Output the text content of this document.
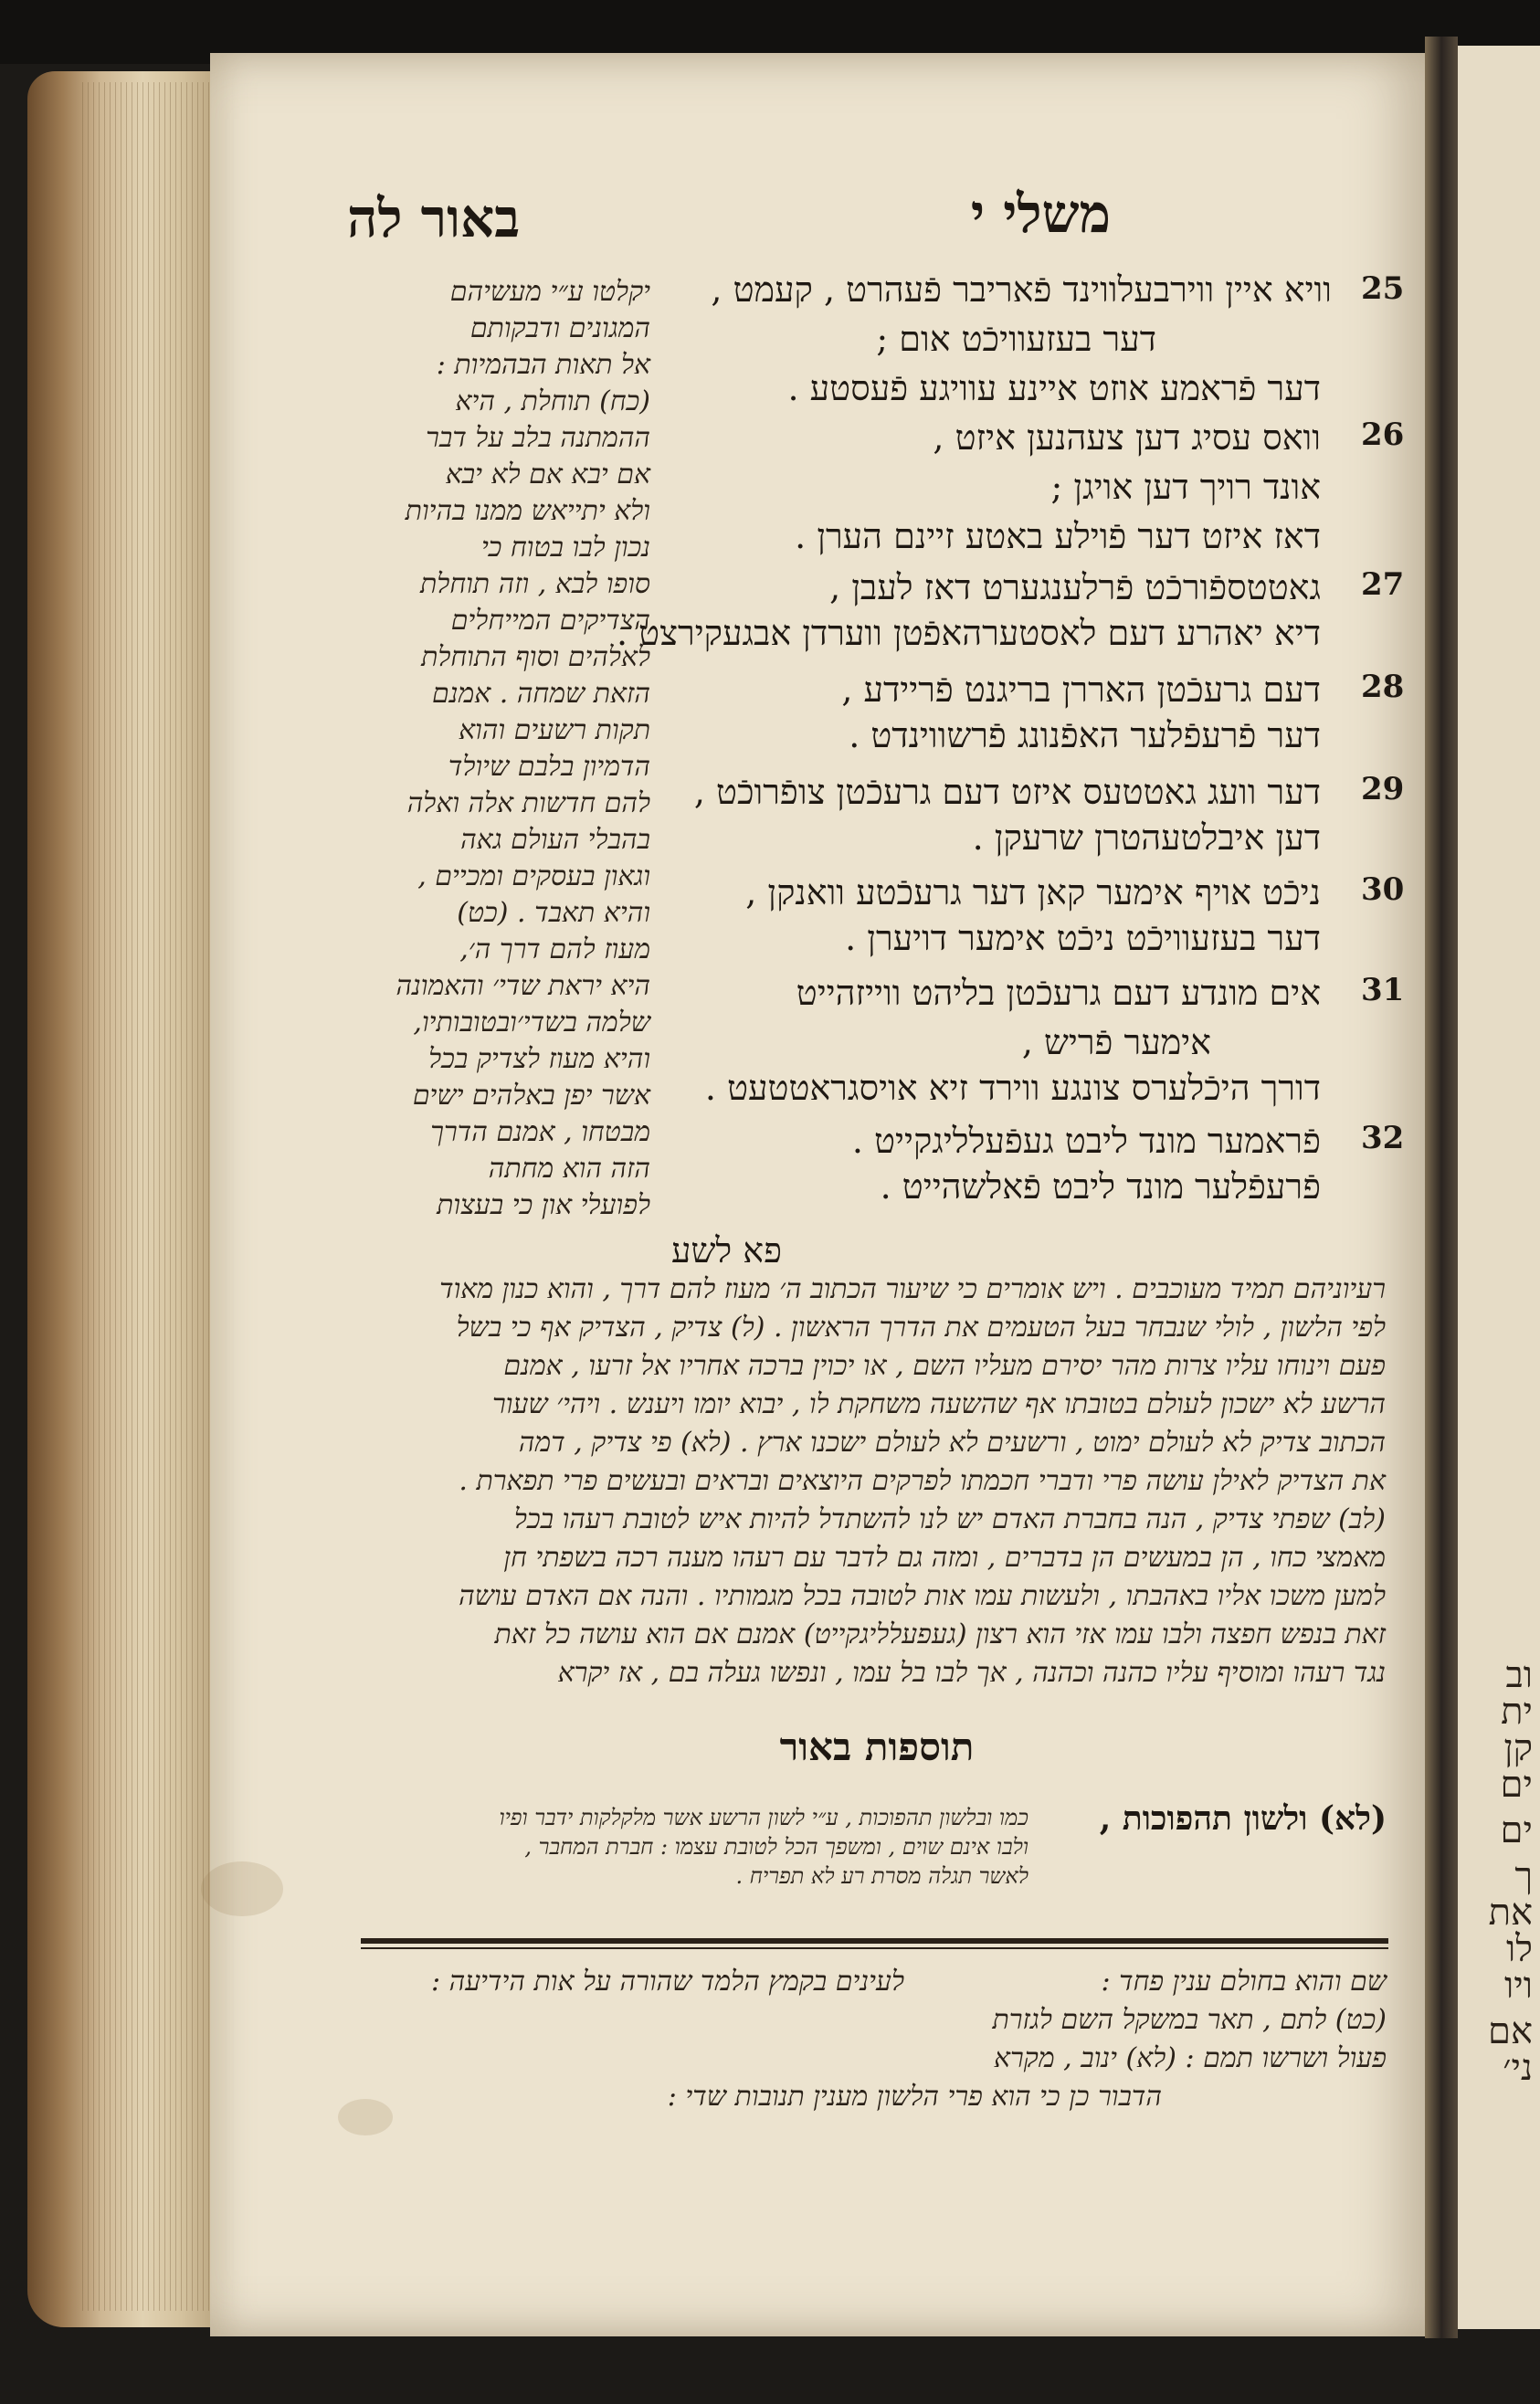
וב
ית
קן
ים
ים
ך
את
לו
ויו
אם
ני׳
באור לה	משלי י
25
26
27
28
29
30
31
32
וויא איין ווירבעלווינד פֿאריבר פֿעהרט , קעמט ,
דער בעזעוויכֿט אום ;
דער פֿראמע אוזט איינע עוויגע פֿעסטע .
וואס עסיג דען צעהנען איזט ,
אונד רויך דען אויגן ;
דאז איזט דער פֿוילע באטע זיינם הערן .
גאטטספֿורכֿט פֿרלענגערט דאז לעבן ,
דיא יאהרע דעם לאסטערהאפֿטן ווערדן אבגעקירצט .
דעם גרעכֿטן האררן בריגנט פֿריידע ,
דער פֿרעפֿלער האפֿנונג פֿרשווינדט .
דער וועג גאטטעס איזט דעם גרעכֿטן צופֿרוכֿט ,
דען איבלטעהטרן שרעקן .
ניכֿט אויף אימער קאן דער גרעכֿטע וואנקן ,
דער בעזעוויכֿט ניכֿט אימער דויערן .
אים מונדע דעם גרעכֿטן בליהט ווייזהייט
אימער פֿריש ,
דורך היכֿלערס צונגע ווירד זיא אויסגראטטעט .
פֿראמער מונד ליבט געפֿעלליגקייט .
פֿרעפֿלער מונד ליבט פֿאלשהייט .
יקלטו ע״י מעשיהם
המגונים ודבקותם
אל תאות הבהמיות :
(כח) תוחלת , היא
ההמתנה בלב על דבר
אם יבא אם לא יבא
ולא יתייאש ממנו בהיות
נכון לבו בטוח כי
סופו לבא , וזה תוחלת
הצדיקים המייחלים
לאלהים וסוף התוחלת
הזאת שמחה . אמנם
תקות רשעים והוא
הדמיון בלבם שיולד
להם חדשות אלה ואלה
בהבלי העולם גאה
וגאון בעסקים ומכיים ,
והיא תאבד . (כט)
מעוז להם דרך ה׳,
היא יראת שדי׳ והאמונה
שלמה בשדי׳ובטובותיו,
והיא מעוז לצדיק בכל
אשר יפן באלהים ישים
מבטחו , אמנם הדרך
הזה הוא מחתה
לפועלי און כי בעצות
פא לשע
רעיוניהם תמיד מעוכבים . ויש אומרים כי שיעור הכתוב ה׳ מעוז להם דרך , והוא כנון מאוד
לפי הלשון , לולי שנבחר בעל הטעמים את הדרך הראשון . (ל) צדיק , הצדיק אף כי בשל
פעם וינוחו עליו צרות מהר יסירם מעליו השם , או יכוין ברכה אחריו אל זרעו , אמנם
הרשע לא ישכון לעולם בטובתו אף שהשעה משחקת לו , יבוא יומו ויענש . ויהי׳ שעור
הכתוב צדיק לא לעולם ימוט , ורשעים לא לעולם ישכנו ארץ . (לא) פי צדיק , דמה
את הצדיק לאילן עושה פרי ודברי חכמתו לפרקים היוצאים ובראים ובעשים פרי תפארת .
(לב) שפתי צדיק , הנה בחברת האדם יש לנו להשתדל להיות איש לטובת רעהו בכל
מאמצי כחו , הן במעשים הן בדברים , ומזה גם לדבר עם רעהו מענה רכה בשפתי חן
למען משכו אליו באהבתו , ולעשות עמו אות לטובה בכל מגמותיו . והנה אם האדם עושה
זאת בנפש חפצה ולבו עמו אזי הוא רצון (געפעלליגקייט) אמנם אם הוא עושה כל זאת
נגד רעהו ומוסיף עליו כהנה וכהנה , אך לבו בל עמו , ונפשו געלה בם , אז יקרא
תוספות באור
(לא) ולשון תהפוכות ,
כמו ובלשון תהפוכות , ע״י לשון הרשע אשר מלקלקות ידבר ופיו
ולבו אינם שוים , ומשפך הכל לטובת עצמו : חברת המחבר ,
לאשר תגלה מסרת רע לא תפריח .
שם והוא בחולם ענין פחד :
(כט) לתם , תאר במשקל השם לגזרת
פעול ושרשו תמם : (לא) ינוב , מקרא
לעינים בקמץ הלמד שהורה על אות הידיעה :
הדבור כן כי הוא פרי הלשון מענין תנובות שדי :
